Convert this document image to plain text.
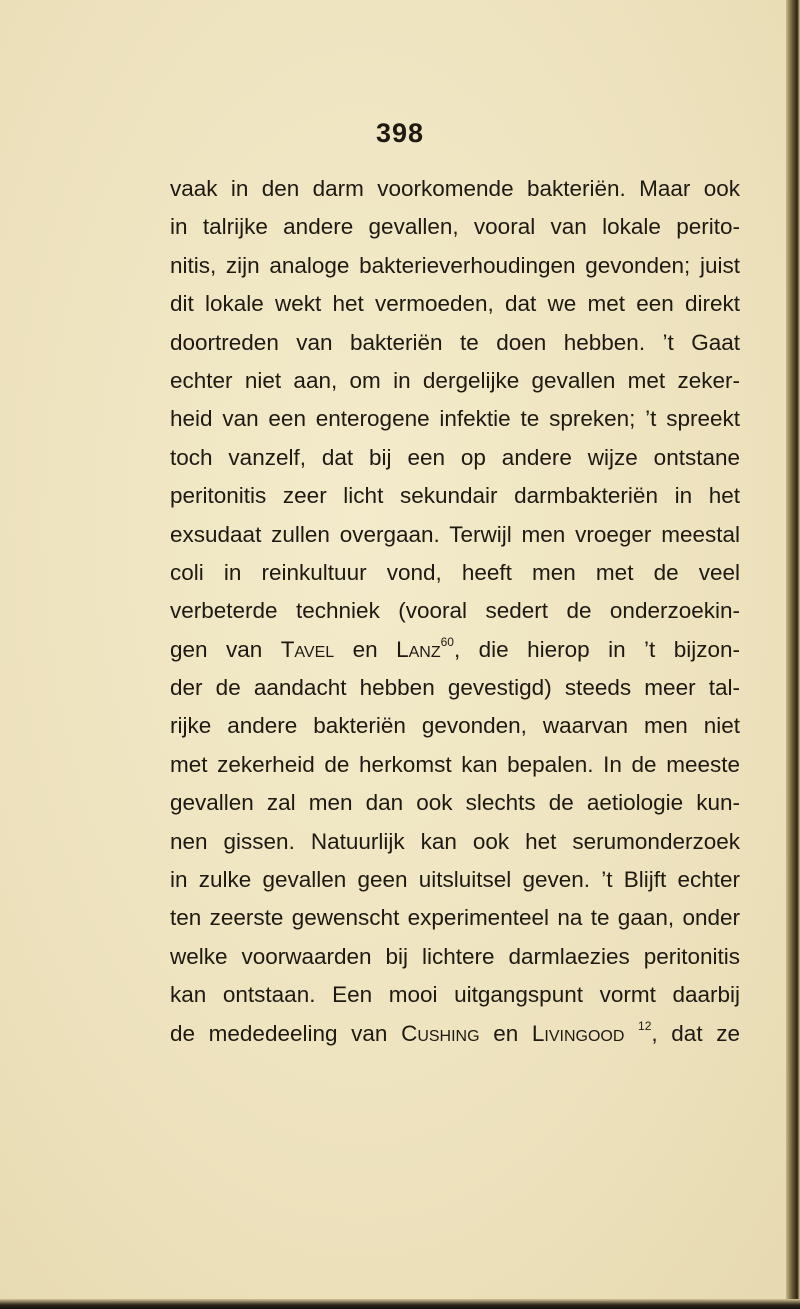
398
vaak in den darm voorkomende bakteriën. Maar ook
in talrijke andere gevallen, vooral van lokale perito-
nitis, zijn analoge bakterieverhoudingen gevonden; juist
dit lokale wekt het vermoeden, dat we met een direkt
doortreden van bakteriën te doen hebben. ’t Gaat
echter niet aan, om in dergelijke gevallen met zeker-
heid van een enterogene infektie te spreken; ’t spreekt
toch vanzelf, dat bij een op andere wijze ontstane
peritonitis zeer licht sekundair darmbakteriën in het
exsudaat zullen overgaan. Terwijl men vroeger meestal
coli in reinkultuur vond, heeft men met de veel
verbeterde techniek (vooral sedert de onderzoekin-
gen van Tavel en Lanz$^{60}$, die hierop in ’t bijzon-
der de aandacht hebben gevestigd) steeds meer tal-
rijke andere bakteriën gevonden, waarvan men niet
met zekerheid de herkomst kan bepalen. In de meeste
gevallen zal men dan ook slechts de aetiologie kun-
nen gissen. Natuurlijk kan ook het serumonderzoek
in zulke gevallen geen uitsluitsel geven. ’t Blijft echter
ten zeerste gewenscht experimenteel na te gaan, onder
welke voorwaarden bij lichtere darmlaezies peritonitis
kan ontstaan. Een mooi uitgangspunt vormt daarbij
de mededeeling van Cushing en Livingood $^{12}$, dat ze
